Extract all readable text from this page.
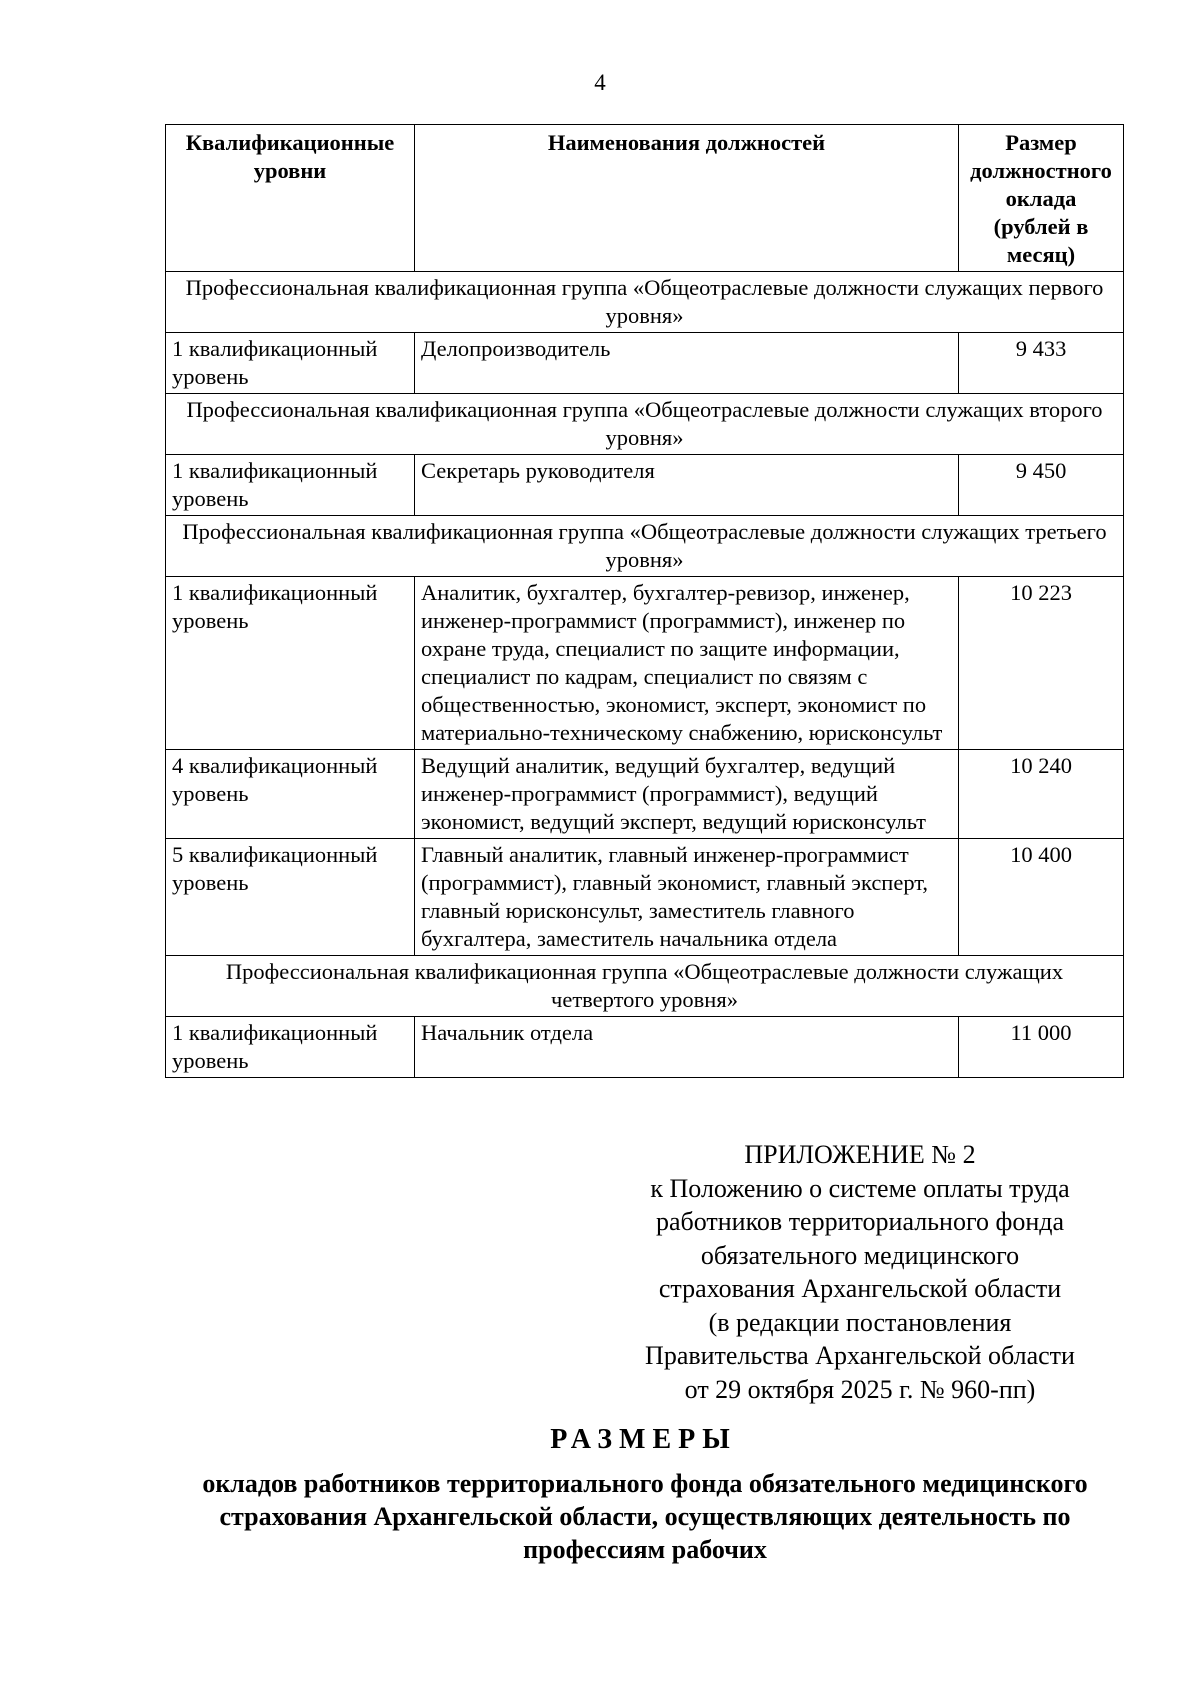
4
Квалификационные уровни	Наименования должностей	Размер должностного оклада (рублей в месяц)
Профессиональная квалификационная группа «Общеотраслевые должности служащих первого уровня»		
1 квалификационный уровень	Делопроизводитель	9 433
Профессиональная квалификационная группа «Общеотраслевые должности служащих второго уровня»		
1 квалификационный уровень	Секретарь руководителя	9 450
Профессиональная квалификационная группа «Общеотраслевые должности служащих третьего уровня»		
1 квалификационный уровень	Аналитик, бухгалтер, бухгалтер-ревизор, инженер, инженер-программист (программист), инженер по охране труда, специалист по защите информации, специалист по кадрам, специалист по связям с общественностью, экономист, эксперт, экономист по материально-техническому снабжению, юрисконсульт	10 223
4 квалификационный уровень	Ведущий аналитик, ведущий бухгалтер, ведущий инженер-программист (программист), ведущий экономист, ведущий эксперт, ведущий юрисконсульт	10 240
5 квалификационный уровень	Главный аналитик, главный инженер-программист (программист), главный экономист, главный эксперт, главный юрисконсульт, заместитель главного бухгалтера, заместитель начальника отдела	10 400
Профессиональная квалификационная группа «Общеотраслевые должности служащих четвертого уровня»		
1 квалификационный уровень	Начальник отдела	11 000
ПРИЛОЖЕНИЕ № 2
к Положению о системе оплаты труда
работников территориального фонда
обязательного медицинского
страхования Архангельской области
(в редакции постановления
Правительства Архангельской области
от 29 октября 2025 г. № 960-пп)
РАЗМЕРЫ
окладов работников территориального фонда обязательного медицинского страхования Архангельской области, осуществляющих деятельность по профессиям рабочих
